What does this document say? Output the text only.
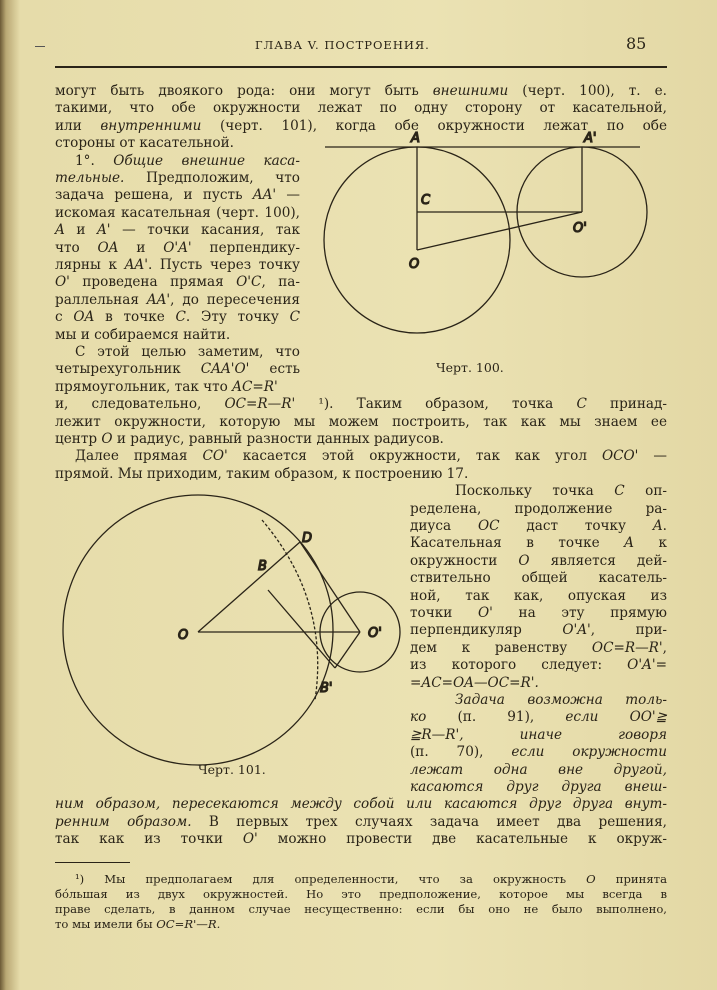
ГЛАВА V. ПОСТРОЕНИЯ.	85
A	A'
C
O'
O
D
B
O	O'
B'
Черт. 100.
Черт. 101.
могут быть двоякого рода: они могут быть внешними (черт. 100), т. е.
такими, что обе окружности лежат по одну сторону от касательной,
или внутренними (черт. 101), когда обе окружности лежат по обе
стороны от касательной.
1°. Общие внешние каса-
тельные. Предположим, что
задача решена, и пусть AA' —
искомая касательная (черт. 100),
A и A' — точки касания, так
что OA и O'A' перпендику-
лярны к AA'. Пусть через точку
O' проведена прямая O'C, па-
раллельная AA', до пересечения
с OA в точке C. Эту точку C
мы и собираемся найти.
С этой целью заметим, что
четырехугольник CAA'O' есть
прямоугольник, так что AC=R'
и, следовательно, OC=R—R' ¹). Таким образом, точка C принад-
лежит окружности, которую мы можем построить, так как мы знаем ее
центр O и радиус, равный разности данных радиусов.
Далее прямая CO' касается этой окружности, так как угол OCO' —
прямой. Мы приходим, таким образом, к построению 17.
Поскольку точка C оп-
ределена, продолжение ра-
диуса OC даст точку A.
Касательная в точке A к
окружности O является дей-
ствительно общей касатель-
ной, так как, опуская из
точки O' на эту прямую
перпендикуляр O'A', при-
дем к равенству OC=R—R',
из которого следует: O'A'=
=AC=OA—OC=R'.
Задача возможна толь-
ко (п. 91), если OO'≧
≧R—R',	иначе говоря
(п. 70), если окружности
лежат одна вне другой,
касаются друг друга внеш-
ним образом, пересекаются между собой или касаются друг друга внут-
ренним образом. В первых трех случаях задача имеет два решения,
так как из точки O' можно провести две касательные к окруж-
¹) Мы предполагаем для определенности, что за окружность O принята
бóльшая из двух окружностей. Но это предположение, которое мы всегда в
праве сделать, в данном случае несущественно: если бы оно не было выполнено,
то мы имели бы OC=R'—R.
